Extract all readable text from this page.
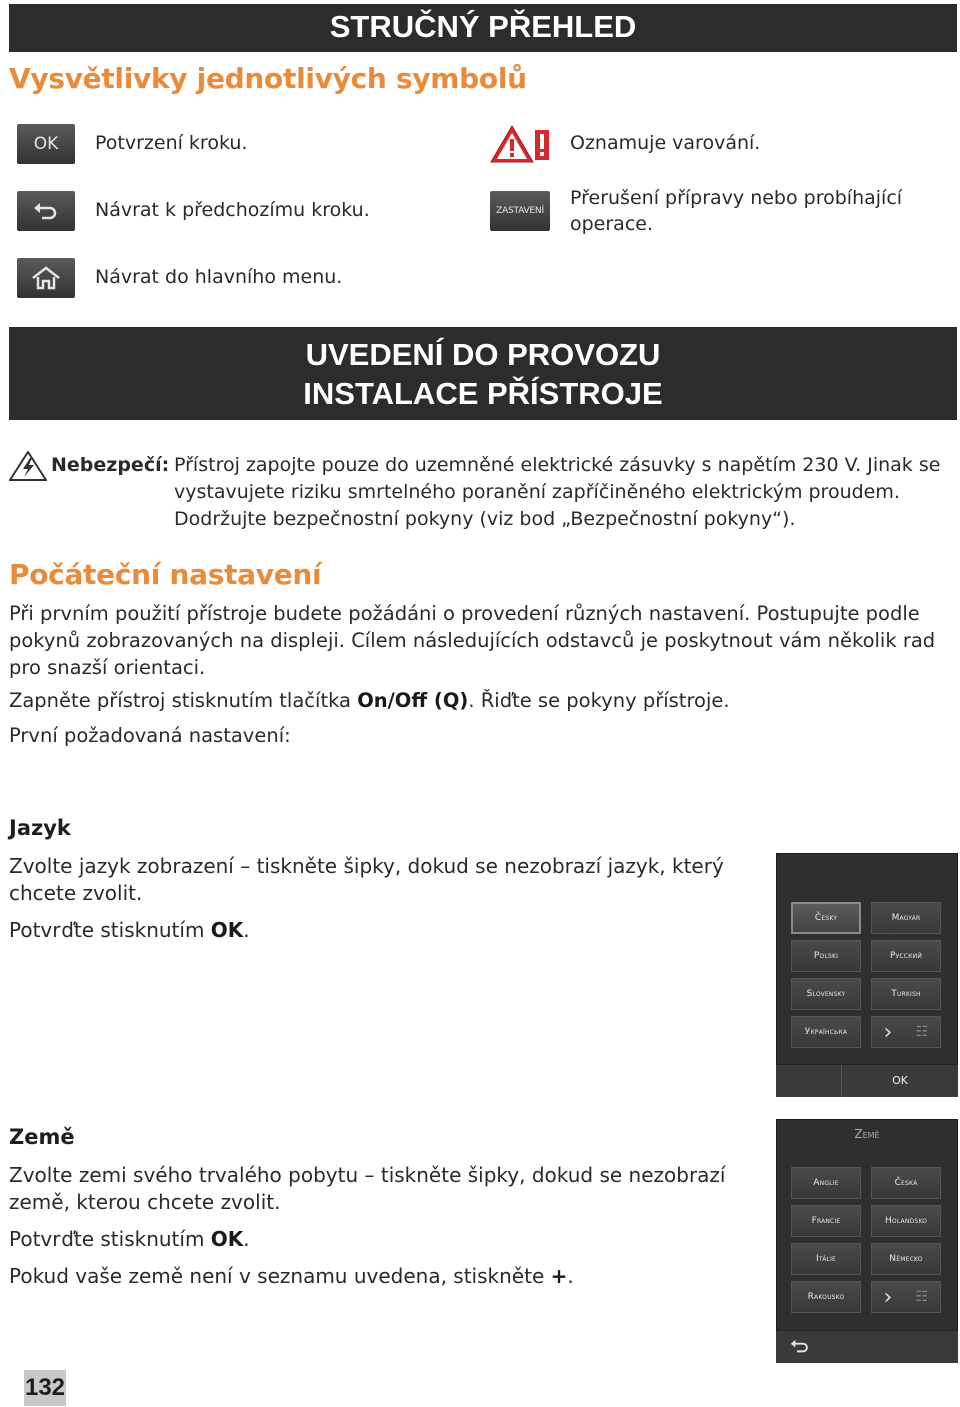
STRUČNÝ PŘEHLED
Vysvětlivky jednotlivých symbolů
OK Potvrzení kroku.
Návrat k předchozímu kroku.
Návrat do hlavního menu.
Oznamuje varování.
ZASTAVENÍ
Přerušení přípravy nebo probíhající operace.
UVEDENÍ DO PROVOZU
INSTALACE PŘÍSTROJE
Nebezpečí: Přístroj zapojte pouze do uzemněné elektrické zásuvky s napětím 230 V. Jinak se vystavujete riziku smrtelného poranění zapříčiněného elektrickým proudem. Dodržujte bezpečnostní pokyny (viz bod „Bezpečnostní pokyny“).
Počáteční nastavení

Při prvním použití přístroje budete požádáni o provedení různých nastavení. Postupujte podle pokynů zobrazovaných na displeji. Cílem následujících odstavců je poskytnout vám několik rad pro snazší orientaci.

Zapněte přístroj stisknutím tlačítka On/Off (Q). Řiďte se pokyny přístroje.

První požadovaná nastavení:

Jazyk

Zvolte jazyk zobrazení – tiskněte šipky, dokud se nezobrazí jazyk, který chcete zvolit.

Potvrďte stisknutím OK.	Česky	Magyar
Polski	Русский
Slovensky	Turkish
Українська	› ☷
OK
Země

Zvolte zemi svého trvalého pobytu – tiskněte šipky, dokud se nezobrazí země, kterou chcete zvolit.

Potvrďte stisknutím OK.

Pokud vaše země není v seznamu uvedena, stiskněte +.

Země
Anglie	Česká
Francie	Holandsko
Itálie	Německo
Rakousko	› ☷
132
